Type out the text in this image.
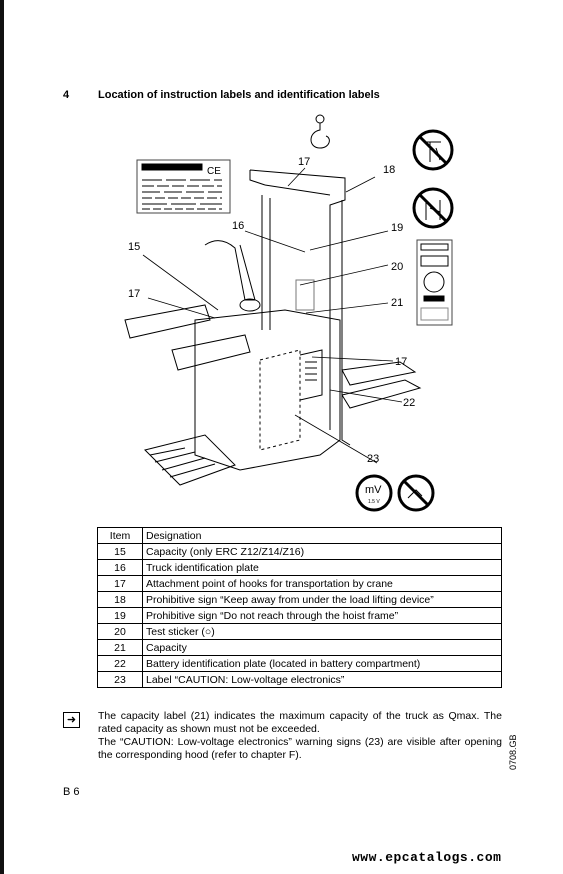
4	Location of instruction labels and identification labels
CE
mV
1.5 V
17
18
16	19
15
20
17
21
17
22
23
Item	Designation
15	Capacity (only ERC Z12/Z14/Z16)
16	Truck identification plate
17	Attachment point of hooks for transportation by crane
18	Prohibitive sign “Keep away from under the load lifting device”
19	Prohibitive sign “Do not reach through the hoist frame”
20	Test sticker (○)
21	Capacity
22	Battery identification plate (located in battery compartment)
23	Label “CAUTION: Low-voltage electronics”
➜	The capacity label (21) indicates the maximum capacity of the truck as Qmax. The rated capacity as shown must not be exceeded.
The “CAUTION: Low-voltage electronics” warning signs (23) are visible after opening the corresponding hood (refer to chapter F).	0708.GB
B 6
www.epcatalogs.com
